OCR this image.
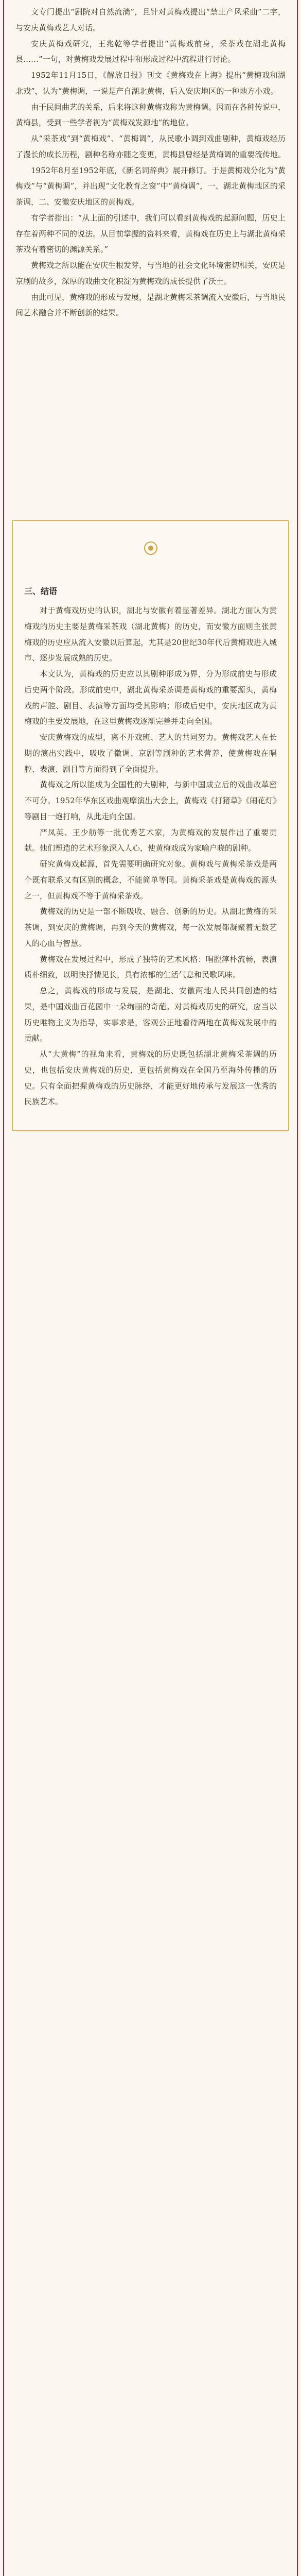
文专门提出“剧院对自然流淌”，且针对黄梅戏提出“禁止产风采曲”二字，与安庆黄梅戏艺人对话。

安庆黄梅戏研究，王兆乾等学者提出“黄梅戏前身，采茶戏在湖北黄梅县……”一句，对黄梅戏发展过程中和形成过程中流程进行讨论。

1952年11月15日，《解放日报》刊文《黄梅戏在上海》提出“黄梅戏和湖北戏”，认为“黄梅调，一说是产自湖北黄梅，后入安庆地区的一种地方小戏。

由于民间曲艺的关系，后来将这种黄梅戏称为黄梅调。因而在各种传说中，黄梅县，受到一些学者视为“黄梅戏发源地”的地位。

从“采茶戏”到“黄梅戏”、“黄梅调”，从民歌小调到戏曲剧种，黄梅戏经历了漫长的成长历程，剧种名称亦随之变更，黄梅县曾经是黄梅调的重要流传地。

1952年8月至1952年底，《新名词辞典》展开修订。于是黄梅戏分化为“黄梅戏”与“黄梅调”，并出现“文化教育之窗”中“黄梅调”，一、湖北黄梅地区的采茶调，二、安徽安庆地区的黄梅戏。

有学者指出：“从上面的引述中，我们可以看到黄梅戏的起源问题，历史上存在着两种不同的说法。从目前掌握的资料来看，黄梅戏在历史上与湖北黄梅采茶戏有着密切的渊源关系。”

黄梅戏之所以能在安庆生根发芽，与当地的社会文化环境密切相关，安庆是京剧的故乡，深厚的戏曲文化积淀为黄梅戏的成长提供了沃土。

由此可见，黄梅戏的形成与发展，是湖北黄梅采茶调流入安徽后，与当地民间艺术融合并不断创新的结果。

三、结语

对于黄梅戏历史的认识，湖北与安徽有着显著差异。湖北方面认为黄梅戏的历史主要是黄梅采茶戏（湖北黄梅）的历史，而安徽方面则主张黄梅戏的历史应从流入安徽以后算起，尤其是20世纪30年代后黄梅戏进入城市、逐步发展成熟的历史。

本文认为，黄梅戏的历史应以其剧种形成为界，分为形成前史与形成后史两个阶段。形成前史中，湖北黄梅采茶调是黄梅戏的重要源头，黄梅戏的声腔、剧目、表演等方面均受其影响；形成后史中，安庆地区成为黄梅戏的主要发展地，在这里黄梅戏逐渐完善并走向全国。

安庆黄梅戏的成型，离不开戏班、艺人的共同努力。黄梅戏艺人在长期的演出实践中，吸收了徽调、京剧等剧种的艺术营养，使黄梅戏在唱腔、表演、剧目等方面得到了全面提升。

黄梅戏之所以能成为全国性的大剧种，与新中国成立后的戏曲改革密不可分。1952年华东区戏曲观摩演出大会上，黄梅戏《打猪草》《闹花灯》等剧目一炮打响，从此走向全国。

严凤英、王少舫等一批优秀艺术家，为黄梅戏的发展作出了重要贡献。他们塑造的艺术形象深入人心，使黄梅戏成为家喻户晓的剧种。

研究黄梅戏起源，首先需要明确研究对象。黄梅戏与黄梅采茶戏是两个既有联系又有区别的概念，不能简单等同。黄梅采茶戏是黄梅戏的源头之一，但黄梅戏不等于黄梅采茶戏。

黄梅戏的历史是一部不断吸收、融合、创新的历史。从湖北黄梅的采茶调，到安庆的黄梅调，再到今天的黄梅戏，每一次发展都凝聚着无数艺人的心血与智慧。

黄梅戏在发展过程中，形成了独特的艺术风格：唱腔淳朴流畅，表演质朴细致，以明快抒情见长，具有浓郁的生活气息和民歌风味。

总之，黄梅戏的形成与发展，是湖北、安徽两地人民共同创造的结果，是中国戏曲百花园中一朵绚丽的奇葩。对黄梅戏历史的研究，应当以历史唯物主义为指导，实事求是，客观公正地看待两地在黄梅戏发展中的贡献。

从“大黄梅”的视角来看，黄梅戏的历史既包括湖北黄梅采茶调的历史，也包括安庆黄梅戏的历史，更包括黄梅戏在全国乃至海外传播的历史。只有全面把握黄梅戏的历史脉络，才能更好地传承与发展这一优秀的民族艺术。
